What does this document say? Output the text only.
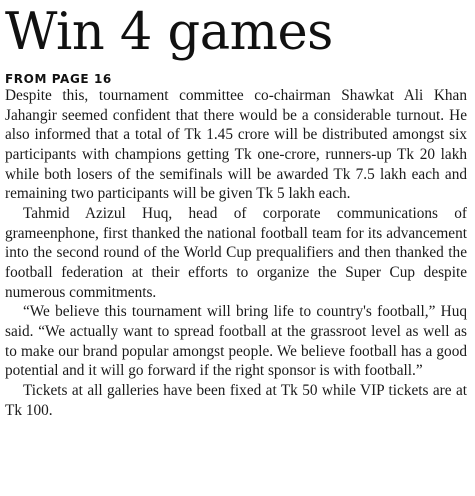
Win 4 games
FROM PAGE 16

Despite this, tournament committee co-chairman Shawkat Ali Khan Jahangir seemed confident that there would be a considerable turnout. He also informed that a total of Tk 1.45 crore will be distributed amongst six participants with champions getting Tk one-crore, runners-up Tk 20 lakh while both losers of the semifinals will be awarded Tk 7.5 lakh each and remaining two participants will be given Tk 5 lakh each.

Tahmid Azizul Huq, head of corporate communications of grameenphone, first thanked the national football team for its advancement into the second round of the World Cup prequalifiers and then thanked the football federation at their efforts to organize the Super Cup despite numerous commitments.

“We believe this tournament will bring life to country's football,” Huq said. “We actually want to spread football at the grassroot level as well as to make our brand popular amongst people. We believe football has a good potential and it will go forward if the right sponsor is with football.”

Tickets at all galleries have been fixed at Tk 50 while VIP tickets are at Tk 100.
